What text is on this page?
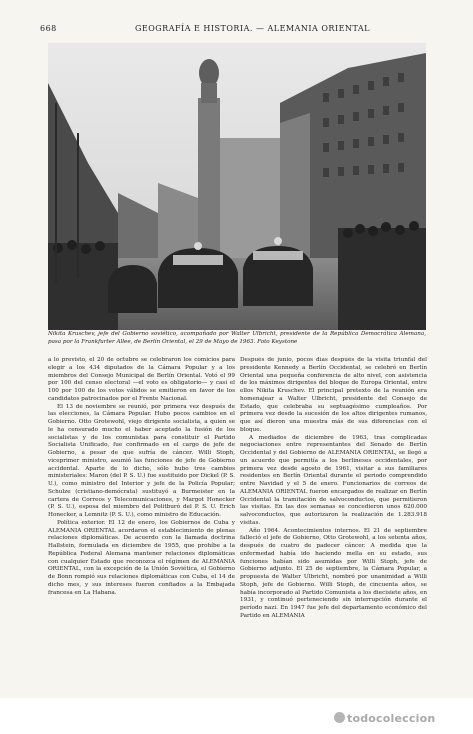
668	GEOGRAFÍA E HISTORIA. — ALEMANIA ORIENTAL
Nikita Kruschev, jefe del Gobierno soviético, acompañado por Walter Ulbricht, presidente de la República Democrática Alemana, pasa por la Frankfurter Allee, de Berlín Oriental, el 29 de Mayo de 1963. Foto Keystone

a lo previsto, el 20 de octubre se celebraron los comicios para elegir a los 434 diputados de la Cámara Popular y a los miembros del Consejo Municipal de Berlín Oriental. Votó el 99 por 100 del censo electoral —el voto es obligatorio— y casi el 100 por 100 de los votos válidos se emitieron en favor de los candidatos patrocinados por el Frente Nacional.

El 13 de noviembre se reunió, por primera vez después de las elecciones, la Cámara Popular. Hubo pocos cambios en el Gobierno. Otto Grotewohl, viejo dirigente socialista, a quien se le ha censurado mucho el haber aceptado la fusión de los socialistas y de los comunistas para constituir el Partido Socialista Unificado, fue confirmado en el cargo de jefe de Gobierno, a pesar de que sufría de cáncer. Willi Stoph, viceprimer ministro, asumió las funciones de jefe de Gobierno accidental. Aparte de lo dicho, sólo hubo tres cambios ministeriales: Maron (del P. S. U.) fue sustituido por Dickel (P. S. U.), como ministro del Interior y jefe de la Policía Popular; Schulze (cristiano-demócrata) sustituyó a Burmeister en la cartera de Correos y Telecomunicaciones, y Margot Honecker (P. S. U.), esposa del miembro del Politburó del P. S. U. Erich Honecker, a Lemnitz (P. S. U.), como ministro de Educación.

Política exterior. El 12 de enero, los Gobiernos de Cuba y ALEMANIA ORIENTAL acordaron el establecimiento de plenas relaciones diplomáticas. De acuerdo con la llamada doctrina Hallstein, formulada en diciembre de 1955, que prohíbe a la República Federal Alemana mantener relaciones diplomáticas con cualquier Estado que reconozca el régimen de ALEMANIA ORIENTAL, con la excepción de la Unión Soviética, el Gobierno de Bonn rompió sus relaciones diplomáticas con Cuba, el 14 de dicho mes, y sus intereses fueron confiados a la Embajada francesa en La Habana.

Después de junio, pocos días después de la visita triunfal del presidente Kennedy a Berlín Occidental, se celebró en Berlín Oriental una pequeña conferencia de alto nivel, con asistencia de los máximos dirigentes del bloque de Europa Oriental, entre ellos Nikita Kruschev. El principal pretexto de la reunión era homenajear a Walter Ulbricht, presidente del Consejo de Estado, que celebraba su septuagésimo cumpleaños. Por primera vez desde la sucesión de los altos dirigentes rumanos, que así dieron una muestra más de sus diferencias con el bloque.

A mediados de diciembre de 1963, tras complicadas negociaciones entre representantes del Senado de Berlín Occidental y del Gobierno de ALEMANIA ORIENTAL, se llegó a un acuerdo que permitía a los berlineses occidentales, por primera vez desde agosto de 1961, visitar a sus familiares residentes en Berlín Oriental durante el periodo comprendido entre Navidad y el 5 de enero. Funcionarios de correos de ALEMANIA ORIENTAL fueron encargados de realizar en Berlín Occidental la tramitación de salvoconductos, que permitieron las visitas. En las dos semanas se concedieron unos 620.000 salvoconductos, que autorizaron la realización de 1.283.918 visitas.

Año 1964. Acontecimientos internos. El 21 de septiembre falleció el jefe de Gobierno, Otto Grotewohl, a los setenta años, después de cuatro de padecer cáncer. A medida que la enfermedad había ido haciendo mella en su estado, sus funciones habían sido asumidas por Willi Stoph, jefe de Gobierno adjunto. El 25 de septiembre, la Cámara Popular, a propuesta de Walter Ulbricht, nombró por unanimidad a Willi Stoph, jefe de Gobierno. Willi Stoph, de cincuenta años, se había incorporado al Partido Comunista a los diecisiete años, en 1931, y continuó perteneciendo sin interrupción durante el período nazi. En 1947 fue jefe del departamento económico del Partido en ALEMANIA

todocoleccion
